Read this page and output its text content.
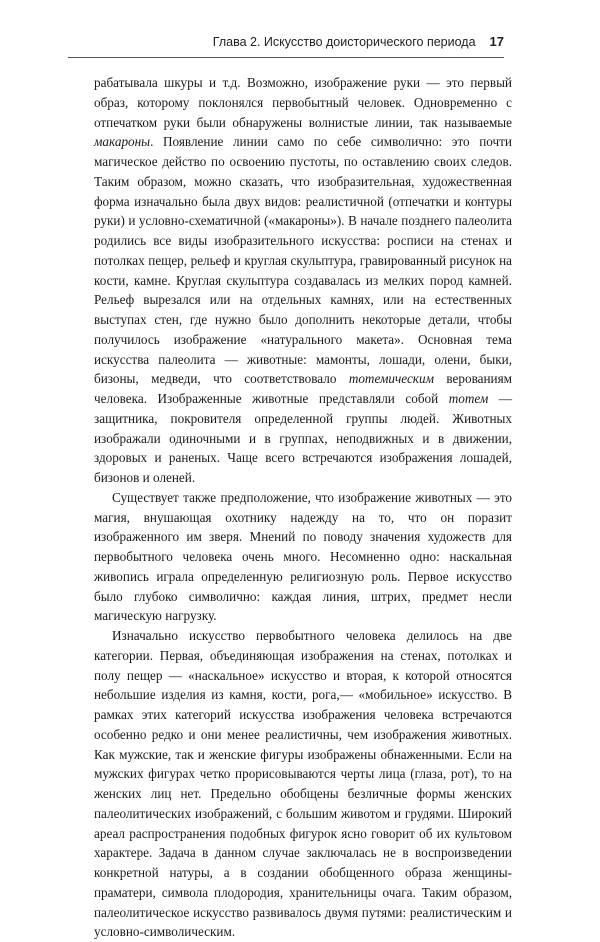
Глава 2. Искусство доисторического периода 17

рабатывала шкуры и т.д. Возможно, изображение руки — это первый образ, которому поклонялся первобытный человек. Одновременно с отпечатком руки были обнаружены волнистые линии, так называемые макароны. Появление линии само по себе символично: это почти магическое действо по освоению пустоты, по оставлению своих следов. Таким образом, можно сказать, что изобразительная, художественная форма изначально была двух видов: реалистичной (отпечатки и контуры руки) и условно-схематичной («макароны»). В начале позднего палеолита родились все виды изобразительного искусства: росписи на стенах и потолках пещер, рельеф и круглая скульптура, гравированный рисунок на кости, камне. Круглая скульптура создавалась из мелких пород камней. Рельеф вырезался или на отдельных камнях, или на естественных выступах стен, где нужно было дополнить некоторые детали, чтобы получилось изображение «натурального макета». Основная тема искусства палеолита — животные: мамонты, лошади, олени, быки, бизоны, медведи, что соответствовало тотемическим верованиям человека. Изображенные животные представляли собой тотем — защитника, покровителя определенной группы людей. Животных изображали одиночными и в группах, неподвижных и в движении, здоровых и раненых. Чаще всего встречаются изображения лошадей, бизонов и оленей.

Существует также предположение, что изображение животных — это магия, внушающая охотнику надежду на то, что он поразит изображенного им зверя. Мнений по поводу значения художеств для первобытного человека очень много. Несомненно одно: наскальная живопись играла определенную религиозную роль. Первое искусство было глубоко символично: каждая линия, штрих, предмет несли магическую нагрузку.

Изначально искусство первобытного человека делилось на две категории. Первая, объединяющая изображения на стенах, потолках и полу пещер — «наскальное» искусство и вторая, к которой относятся небольшие изделия из камня, кости, рога,— «мобильное» искусство. В рамках этих категорий искусства изображения человека встречаются особенно редко и они менее реалистичны, чем изображения животных. Как мужские, так и женские фигуры изображены обнаженными. Если на мужских фигурах четко прорисовываются черты лица (глаза, рот), то на женских лиц нет. Предельно обобщены безличные формы женских палеолитических изображений, с большим животом и грудями. Широкий ареал распространения подобных фигурок ясно говорит об их культовом характере. Задача в данном случае заключалась не в воспроизведении конкретной натуры, а в создании обобщенного образа женщины-праматери, символа плодородия, хранительницы очага. Таким образом, палеолитическое искусство развивалось двумя путями: реалистическим и условно-символическим.
